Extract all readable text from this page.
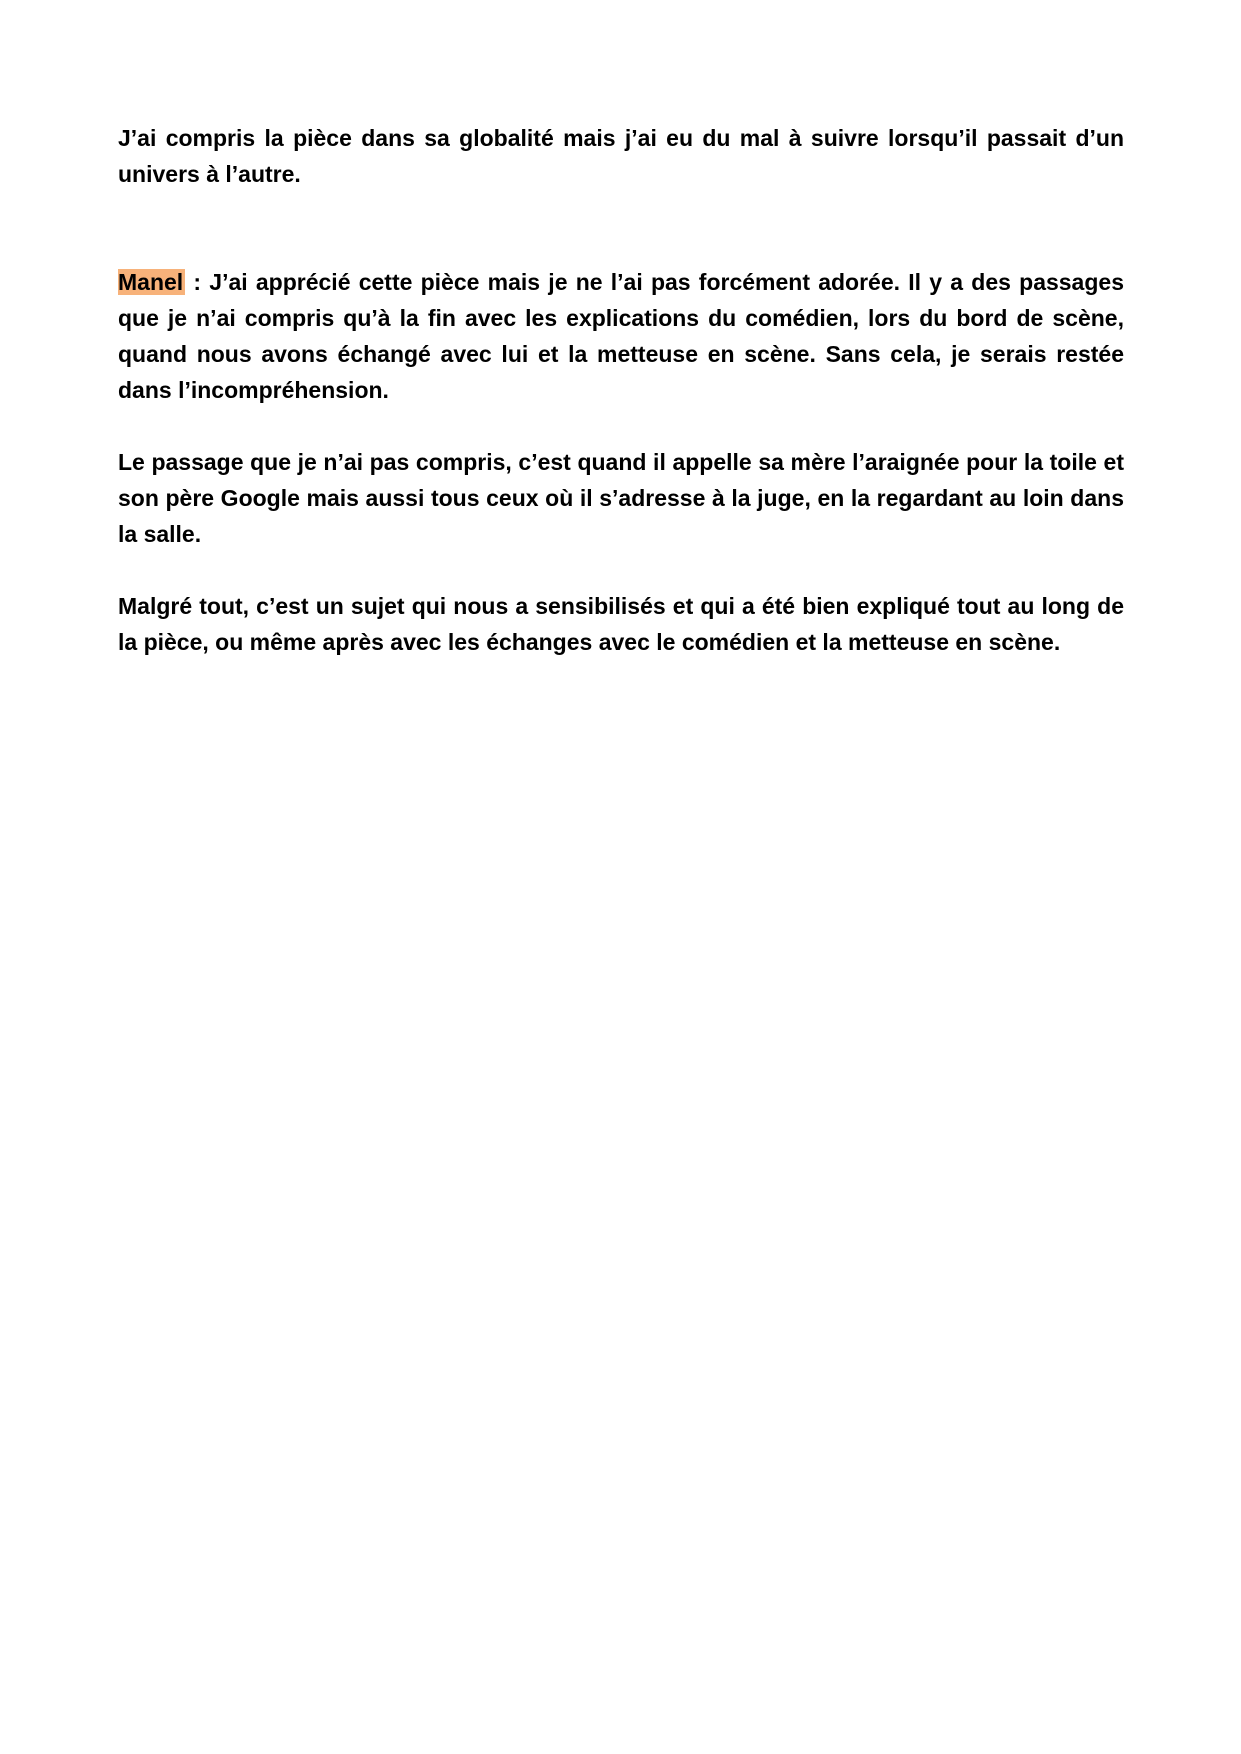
J’ai compris la pièce dans sa globalité mais j’ai eu du mal à suivre lorsqu’il passait d’un univers à l’autre.

Manel : J’ai apprécié cette pièce mais je ne l’ai pas forcément adorée. Il y a des passages que je n’ai compris qu’à la fin avec les explications du comédien, lors du bord de scène, quand nous avons échangé avec lui et la metteuse en scène. Sans cela, je serais restée dans l’incompréhension.

Le passage que je n’ai pas compris, c’est quand il appelle sa mère l’araignée pour la toile et son père Google mais aussi tous ceux où il s’adresse à la juge, en la regardant au loin dans la salle.

Malgré tout, c’est un sujet qui nous a sensibilisés et qui a été bien expliqué tout au long de la pièce, ou même après avec les échanges avec le comédien et la metteuse en scène.
